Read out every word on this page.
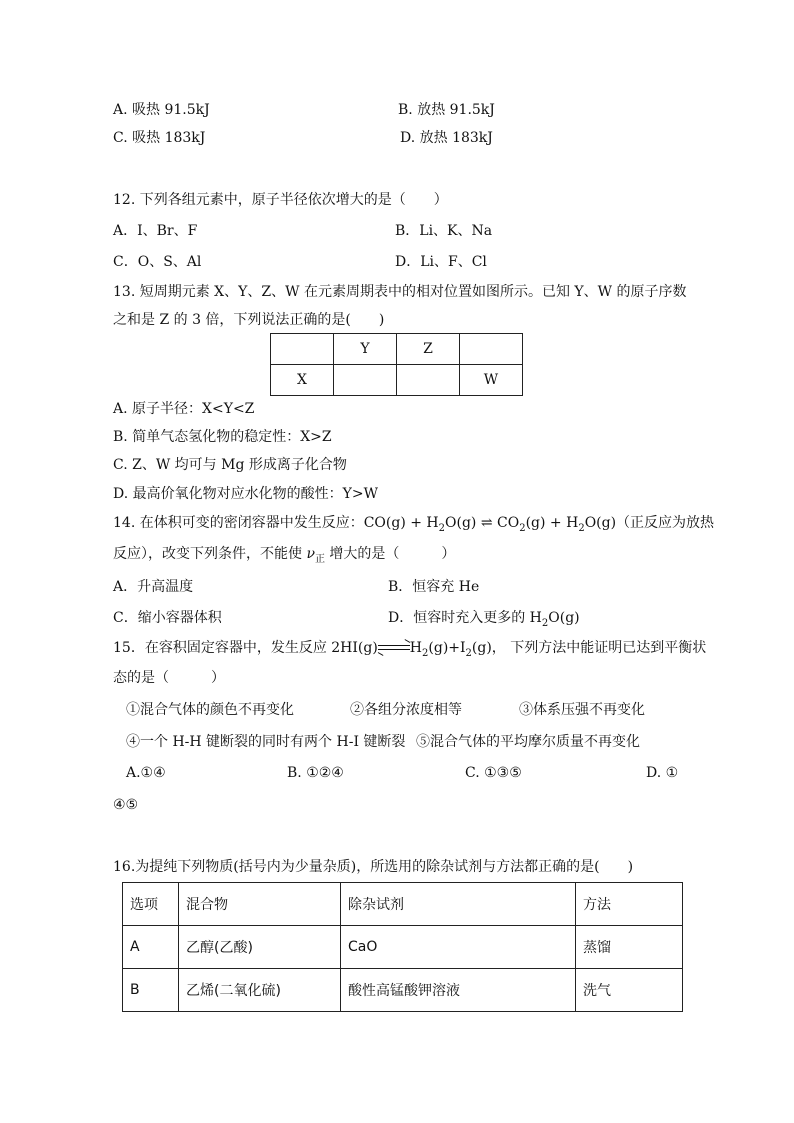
A. 吸热 91.5kJ	B. 放热 91.5kJ
C. 吸热 183kJ	D. 放热 183kJ
12. 下列各组元素中，原子半径依次增大的是（　　）
A．I、Br、F	B．Li、K、Na
C．O、S、Al	D．Li、F、Cl
13. 短周期元素 X、Y、Z、W 在元素周期表中的相对位置如图所示。已知 Y、W 的原子序数
之和是 Z 的 3 倍，下列说法正确的是(　　)
	Y	Z	
X			W
A. 原子半径：X<Y<Z
B. 简单气态氢化物的稳定性：X>Z
C. Z、W 均可与 Mg 形成离子化合物
D. 最高价氧化物对应水化物的酸性：Y>W
14. 在体积可变的密闭容器中发生反应：$CO(g) + H_2O(g)$ ⇌ $CO_2(g) + H_2O(g)$（正反应为放热
反应），改变下列条件，不能使 $\nu_正$ 增大的是（　　　）
A．升高温度	B．恒容充 He
C．缩小容器体积	D．恒容时充入更多的 $H_2O(g)$
15．在容积固定容器中，发生反应 $2HI(g)\rightleftharpoons H_2(g)+I_2(g)$， 下列方法中能证明已达到平衡状
态的是（　　　）
①混合气体的颜色不再变化	②各组分浓度相等	③体系压强不再变化
④一个 H-H 键断裂的同时有两个 H-I 键断裂 ⑤混合气体的平均摩尔质量不再变化
A.①④	B. ①②④	C. ①③⑤	D. ①
④⑤
16.为提纯下列物质(括号内为少量杂质)，所选用的除杂试剂与方法都正确的是(　　)
选项	混合物	除杂试剂	方法
A	乙醇(乙酸)	CaO	蒸馏
B	乙烯(二氧化硫)	酸性高锰酸钾溶液	洗气
